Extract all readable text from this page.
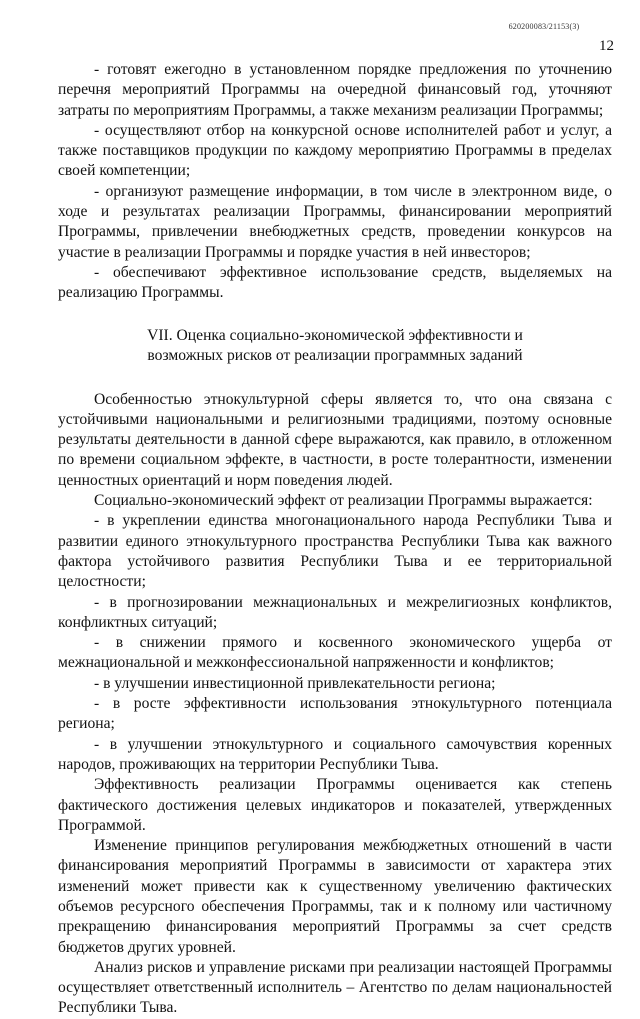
620200083/21153(3)
12

- готовят ежегодно в установленном порядке предложения по уточнению перечня мероприятий Программы на очередной финансовый год, уточняют затраты по мероприятиям Программы, а также механизм реализации Программы;

- осуществляют отбор на конкурсной основе исполнителей работ и услуг, а также поставщиков продукции по каждому мероприятию Программы в пределах своей компетенции;

- организуют размещение информации, в том числе в электронном виде, о ходе и результатах реализации Программы, финансировании мероприятий Программы, привлечении внебюджетных средств, проведении конкурсов на участие в реализации Программы и порядке участия в ней инвесторов;

- обеспечивают эффективное использование средств, выделяемых на реализацию Программы.

VII. Оценка социально-экономической эффективности и

возможных рисков от реализации программных заданий

Особенностью этнокультурной сферы является то, что она связана с устойчивыми национальными и религиозными традициями, поэтому основные результаты деятельности в данной сфере выражаются, как правило, в отложенном по времени социальном эффекте, в частности, в росте толерантности, изменении ценностных ориентаций и норм поведения людей.

Социально-экономический эффект от реализации Программы выражается:

- в укреплении единства многонационального народа Республики Тыва и развитии единого этнокультурного пространства Республики Тыва как важного фактора устойчивого развития Республики Тыва и ее территориальной целостности;

- в прогнозировании межнациональных и межрелигиозных конфликтов, конфликтных ситуаций;

- в снижении прямого и косвенного экономического ущерба от межнациональной и межконфессиональной напряженности и конфликтов;

- в улучшении инвестиционной привлекательности региона;

- в росте эффективности использования этнокультурного потенциала региона;

- в улучшении этнокультурного и социального самочувствия коренных народов, проживающих на территории Республики Тыва.

Эффективность реализации Программы оценивается как степень фактического достижения целевых индикаторов и показателей, утвержденных Программой.

Изменение принципов регулирования межбюджетных отношений в части финансирования мероприятий Программы в зависимости от характера этих изменений может привести как к существенному увеличению фактических объемов ресурсного обеспечения Программы, так и к полному или частичному прекращению финансирования мероприятий Программы за счет средств бюджетов других уровней.

Анализ рисков и управление рисками при реализации настоящей Программы осуществляет ответственный исполнитель – Агентство по делам национальностей Республики Тыва.
